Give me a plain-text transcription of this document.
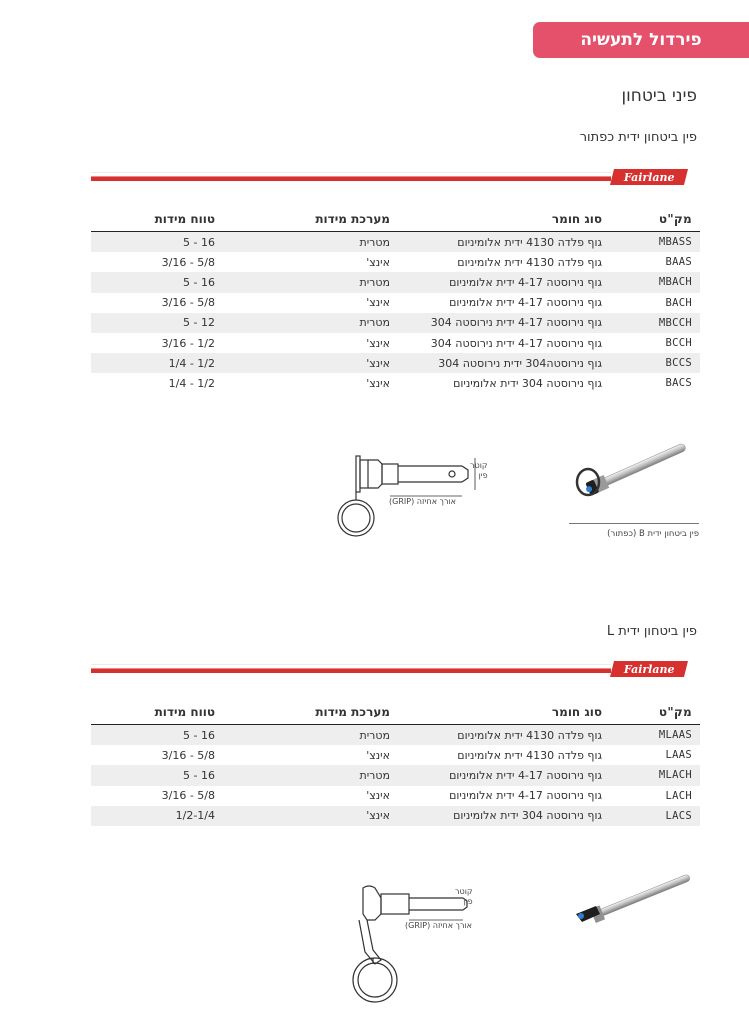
פירדול לתעשיה
פיני ביטחון
פין ביטחון ידית כפתור
Fairlane
מק"ט
סוג חומר
מערכת מידות
טווח מידות
MBASS
גוף פלדה 4130 ידית אלומיניום
מטרית
16 - 5
BAAS
גוף פלדה 4130 ידית אלומיניום
אינצ'
5/8 - 3/16
MBACH
גוף נירוסטה 4-17 ידית אלומיניום
מטרית
16 - 5
BACH
גוף נירוסטה 4-17 ידית אלומיניום
אינצ'
5/8 - 3/16
MBCCH
גוף נירוסטה 4-17 ידית נירוסטה 304
מטרית
12 - 5
BCCH
גוף נירוסטה 4-17 ידית נירוסטה 304
אינצ'
1/2 - 3/16
BCCS
גוף נירוסטה304 ידית נירוסטה 304
אינצ'
1/2 - 1/4
BACS
גוף נירוסטה 304 ידית אלומיניום
אינצ'
1/2 - 1/4
קוטר
פין
אורך אחיזה (GRIP)
פין ביטחון ידית B (כפתור)
פין ביטחון ידית L
Fairlane
מק"ט
סוג חומר
מערכת מידות
טווח מידות
MLAAS
גוף פלדה 4130 ידית אלומיניום
מטרית
16 - 5
LAAS
גוף פלדה 4130 ידית אלומיניום
אינצ'
5/8 - 3/16
MLACH
גוף נירוסטה 4-17 ידית אלומיניום
מטרית
16 - 5
LACH
גוף נירוסטה 4-17 ידית אלומיניום
אינצ'
5/8 - 3/16
LACS
גוף נירוסטה 304 ידית אלומיניום
אינצ'
1/2-1/4
קוטר
פין
אורך אחיזה (GRIP)
